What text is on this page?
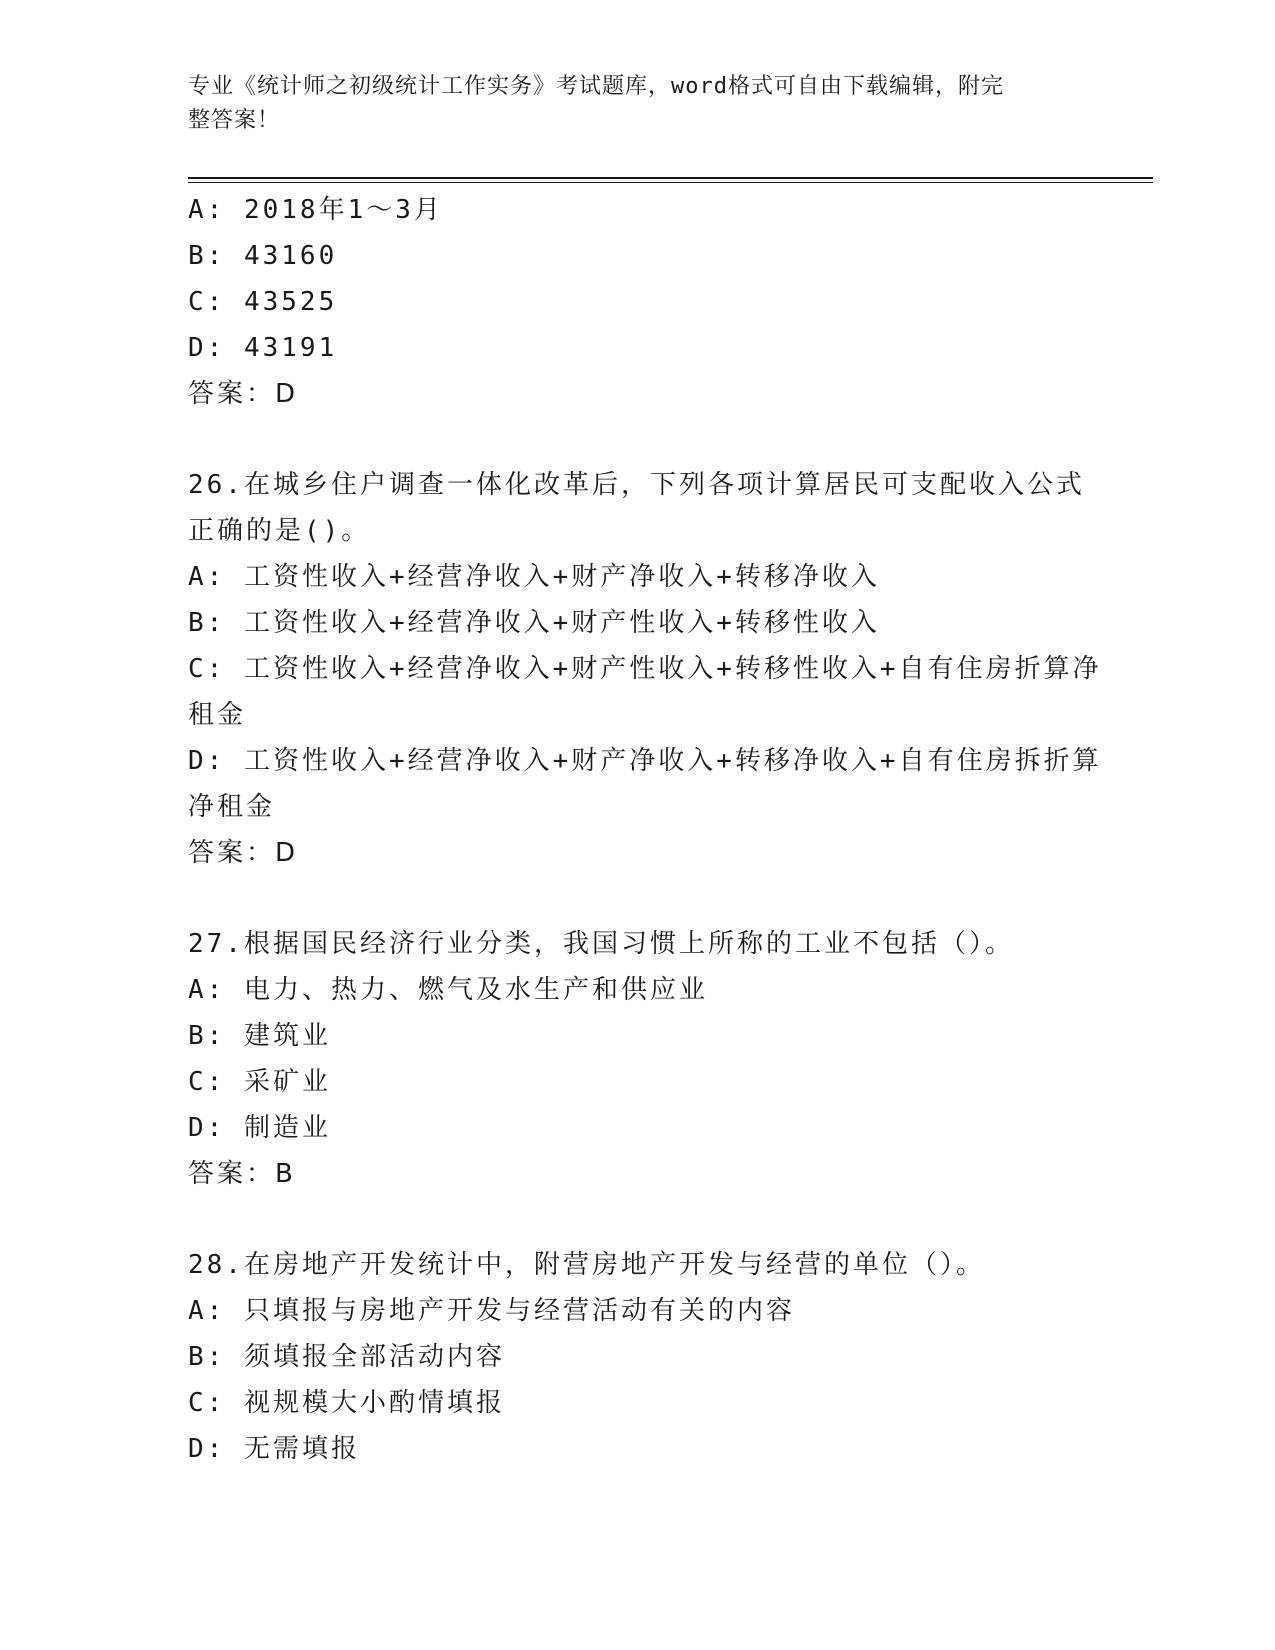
专业《统计师之初级统计工作实务》考试题库，word格式可自由下载编辑，附完
整答案！
A: 2018年1～3月
B: 43160
C: 43525
D: 43191
答案：D
26.在城乡住户调查一体化改革后，下列各项计算居民可支配收入公式
正确的是()。
A: 工资性收入+经营净收入+财产净收入+转移净收入
B: 工资性收入+经营净收入+财产性收入+转移性收入
C: 工资性收入+经营净收入+财产性收入+转移性收入+自有住房折算净
租金
D: 工资性收入+经营净收入+财产净收入+转移净收入+自有住房拆折算
净租金
答案：D
27.根据国民经济行业分类，我国习惯上所称的工业不包括（）。
A: 电力、热力、燃气及水生产和供应业
B: 建筑业
C: 采矿业
D: 制造业
答案：B
28.在房地产开发统计中，附营房地产开发与经营的单位（）。
A: 只填报与房地产开发与经营活动有关的内容
B: 须填报全部活动内容
C: 视规模大小酌情填报
D: 无需填报
